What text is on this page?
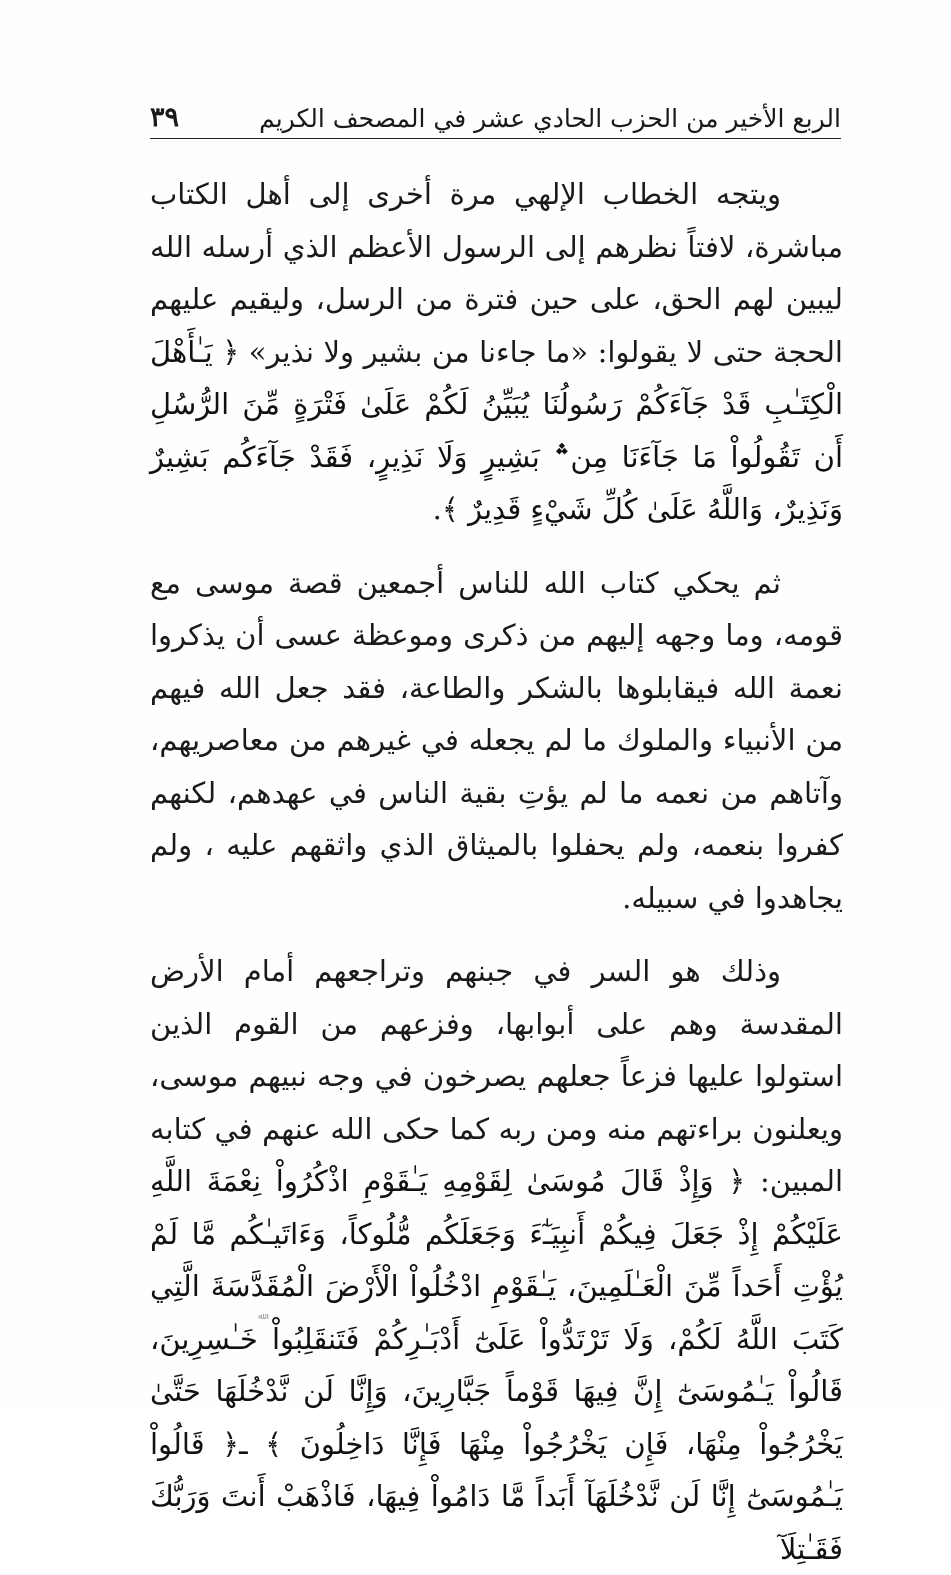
الربع الأخير من الحزب الحادي عشر في المصحف الكريم
٣٩

ويتجه الخطاب الإلهي مرة أخرى إلى أهل الكتاب مباشرة، لافتاً نظرهم إلى الرسول الأعظم الذي أرسله الله ليبين لهم الحق، على حين فترة من الرسل، وليقيم عليهم الحجة حتى لا يقولوا: «ما جاءنا من بشير ولا نذير» ﴿ يَـٰأَهْلَ الْكِتَـٰبِ قَدْ جَآءَكُمْ رَسُولُنَا يُبَيِّنُ لَكُمْ عَلَىٰ فَتْرَةٍ مِّنَ الرُّسُلِ أَن تَقُولُواْ مَا جَآءَنَا مِن؞ بَشِيرٍ وَلَا نَذِيرٍ، فَقَدْ جَآءَكُم بَشِيرٌ وَنَذِيرٌ، وَاللَّهُ عَلَىٰ كُلِّ شَيْءٍ قَدِيرٌ ﴾.

ثم يحكي كتاب الله للناس أجمعين قصة موسى مع قومه، وما وجهه إليهم من ذكرى وموعظة عسى أن يذكروا نعمة الله فيقابلوها بالشكر والطاعة، فقد جعل الله فيهم من الأنبياء والملوك ما لم يجعله في غيرهم من معاصريهم، وآتاهم من نعمه ما لم يؤتِ بقية الناس في عهدهم، لكنهم كفروا بنعمه، ولم يحفلوا بالميثاق الذي واثقهم عليه ، ولم يجاهدوا في سبيله.

وذلك هو السر في جبنهم وتراجعهم أمام الأرض المقدسة وهم على أبوابها، وفزعهم من القوم الذين استولوا عليها فزعاً جعلهم يصرخون في وجه نبيهم موسى، ويعلنون براءتهم منه ومن ربه كما حكى الله عنهم في كتابه المبين: ﴿ وَإِذْ قَالَ مُوسَىٰ لِقَوْمِهِ يَـٰقَوْمِ اذْكُرُواْ نِعْمَةَ اللَّهِ عَلَيْكُمْ إِذْ جَعَلَ فِيكُمْ أَنبِيَـٰٓءَ وَجَعَلَكُم مُّلُوكاً، وَءَاتَيـٰكُم مَّا لَمْ يُؤْتِ أَحَداً مِّنَ الْعَـٰلَمِينَ، يَـٰقَوْمِ ادْخُلُواْ الْأَرْضَ الْمُقَدَّسَةَ الَّتِي كَتَبَ اللَّهُ لَكُمْ، وَلَا تَرْتَدُّواْ عَلَىٰٓ أَدْبَـٰرِكُمْ فَتَنقَلِبُواْ خَـٰسِرِينَ، قَالُواْ يَـٰمُوسَىٰٓ إِنَّ فِيهَا قَوْماً جَبَّارِينَ، وَإِنَّا لَن نَّدْخُلَهَا حَتَّىٰ يَخْرُجُواْ مِنْهَا، فَإِن يَخْرُجُواْ مِنْهَا فَإِنَّا دَاخِلُونَ ﴾ ـ﴿ قَالُواْ يَـٰمُوسَىٰٓ إِنَّا لَن نَّدْخُلَهَآ أَبَداً مَّا دَامُواْ فِيهَا، فَاذْهَبْ أَنتَ وَرَبُّكَ فَقَـٰتِلَآ

ﷲ
